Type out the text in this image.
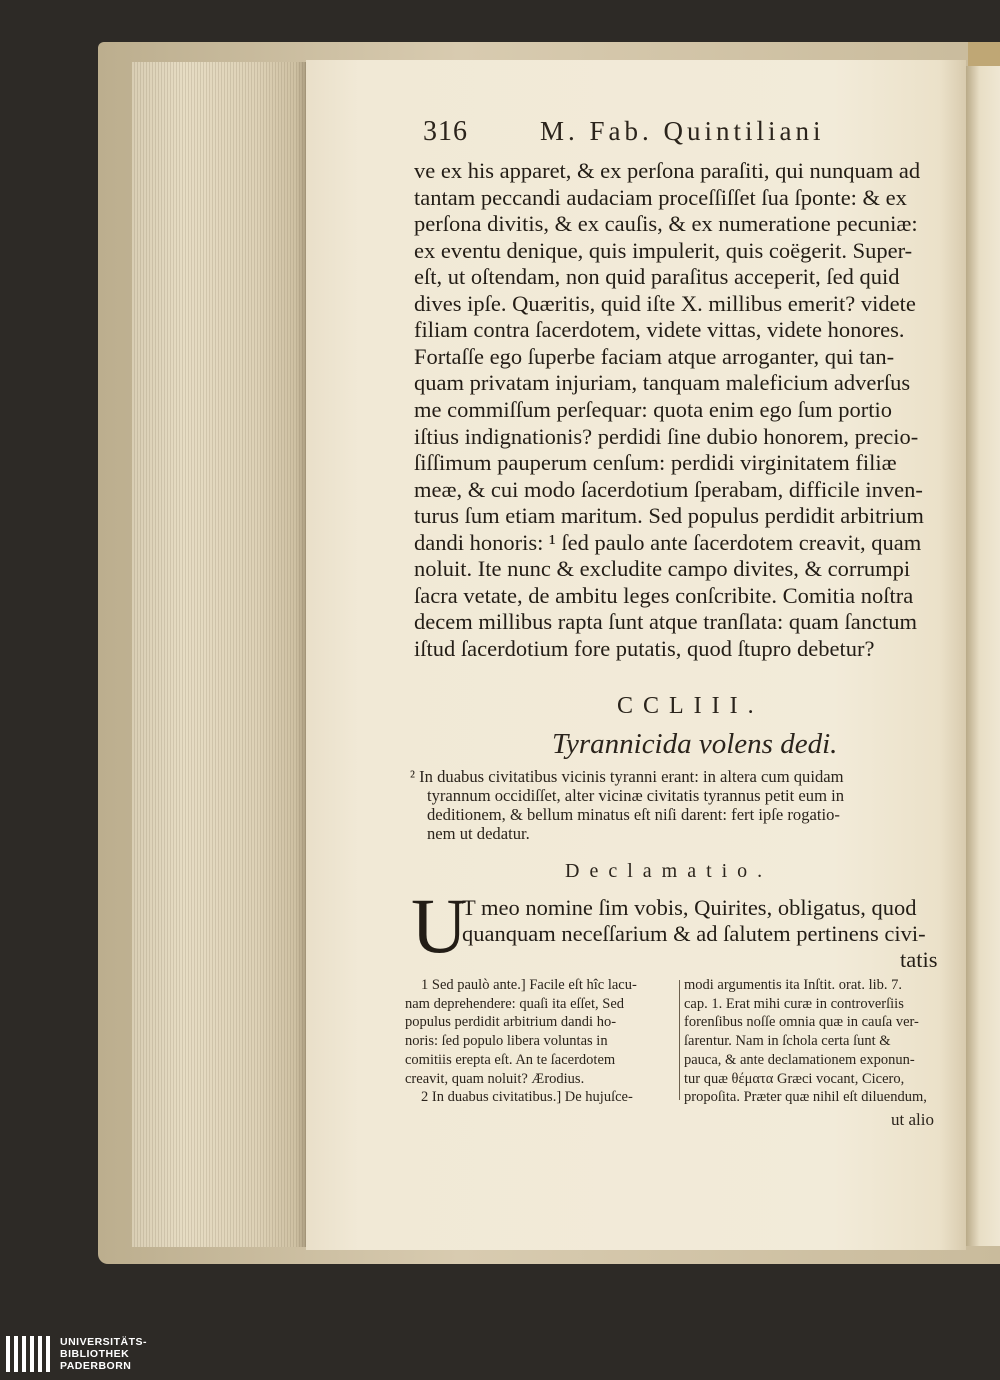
316	M. Fab. Quintiliani
ve ex his apparet, & ex perſona paraſiti, qui nunquam ad
tantam peccandi audaciam proceſſiſſet ſua ſponte: & ex
perſona divitis, & ex cauſis, & ex numeratione pecuniæ:
ex eventu denique, quis impulerit, quis coëgerit. Super-
eſt, ut oſtendam, non quid paraſitus acceperit, ſed quid
dives ipſe. Quæritis, quid iſte X. millibus emerit? videte
filiam contra ſacerdotem, videte vittas, videte honores.
Fortaſſe ego ſuperbe faciam atque arroganter, qui tan-
quam privatam injuriam, tanquam maleficium adverſus
me commiſſum perſequar: quota enim ego ſum portio
iſtius indignationis? perdidi ſine dubio honorem, precio-
ſiſſimum pauperum cenſum: perdidi virginitatem filiæ
meæ, & cui modo ſacerdotium ſperabam, difficile inven-
turus ſum etiam maritum. Sed populus perdidit arbitrium
dandi honoris: ¹ ſed paulo ante ſacerdotem creavit, quam
noluit. Ite nunc & excludite campo divites, & corrumpi
ſacra vetate, de ambitu leges conſcribite. Comitia noſtra
decem millibus rapta ſunt atque tranſlata: quam ſanctum
iſtud ſacerdotium fore putatis, quod ſtupro debetur?
CCLIII.
Tyrannicida volens dedi.
² In duabus civitatibus vicinis tyranni erant: in altera cum quidam
tyrannum occidiſſet, alter vicinæ civitatis tyrannus petit eum in
deditionem, & bellum minatus eſt niſi darent: fert ipſe rogatio-
nem ut dedatur.
Declamatio.
U
T meo nomine ſim vobis, Quirites, obligatus, quod
quanquam neceſſarium & ad ſalutem pertinens civi-
tatis
1 Sed paulò ante.] Facile eſt hîc lacu-
nam deprehendere: quaſi ita eſſet, Sed
populus perdidit arbitrium dandi ho-
noris: ſed populo libera voluntas in
comitiis erepta eſt. An te ſacerdotem
creavit, quam noluit? Ærodius.
2 In duabus civitatibus.] De hujuſce-
modi argumentis ita Inſtit. orat. lib. 7.
cap. 1. Erat mihi curæ in controverſiis
forenſibus noſſe omnia quæ in cauſa ver-
ſarentur. Nam in ſchola certa ſunt &
pauca, & ante declamationem exponun-
tur quæ θέματα Græci vocant, Cicero,
propoſita. Præter quæ nihil eſt diluendum,
ut alio
UNIVERSITÄTS-
BIBLIOTHEK
PADERBORN
